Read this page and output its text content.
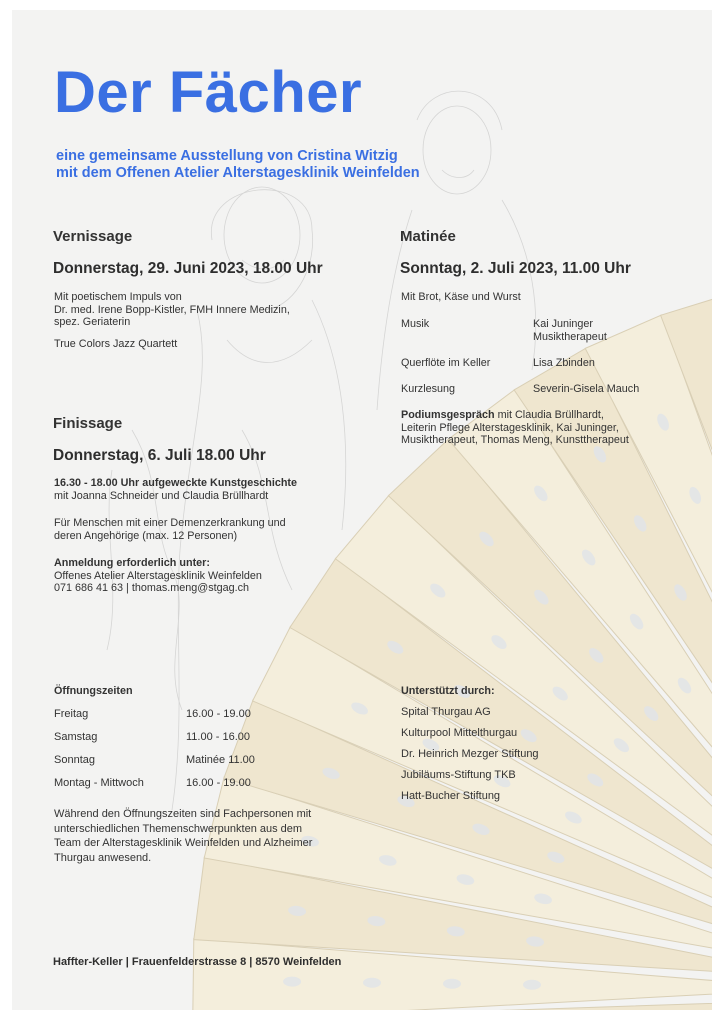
Der Fächer

eine gemeinsame Ausstellung von Cristina Witzig
mit dem Offenen Atelier Alterstagesklinik Weinfelden

Vernissage

Donnerstag, 29. Juni 2023, 18.00 Uhr

Mit poetischem Impuls von
Dr. med. Irene Bopp-Kistler, FMH Innere Medizin,
spez. Geriaterin

True Colors Jazz Quartett

Matinée

Sonntag, 2. Juli 2023, 11.00 Uhr

Mit Brot, Käse und Wurst

Musik	Kai Juninger
Musiktherapeut

Querflöte im Keller	Lisa Zbinden

Kurzlesung	Severin-Gisela Mauch

Podiumsgespräch mit Claudia Brüllhardt,
Leiterin Pflege Alterstagesklinik, Kai Juninger,
Musiktherapeut, Thomas Meng, Kunsttherapeut

Finissage

Donnerstag, 6. Juli 18.00 Uhr

16.30 - 18.00 Uhr aufgeweckte Kunstgeschichte
mit Joanna Schneider und Claudia Brüllhardt

Für Menschen mit einer Demenzerkrankung und
deren Angehörige (max. 12 Personen)

Anmeldung erforderlich unter:
Offenes Atelier Alterstagesklinik Weinfelden
071 686 41 63 | thomas.meng@stgag.ch

Öffnungszeiten

Freitag	16.00 - 19.00
Samstag	11.00 - 16.00
Sonntag	Matinée 11.00
Montag - Mittwoch	16.00 - 19.00

Während den Öffnungszeiten sind Fachpersonen mit
unterschiedlichen Themenschwerpunkten aus dem
Team der Alterstagesklinik Weinfelden und Alzheimer
Thurgau anwesend.

Unterstützt durch:

Spital Thurgau AG
Kulturpool Mittelthurgau
Dr. Heinrich Mezger Stiftung
Jubiläums-Stiftung TKB
Hatt-Bucher Stiftung
Haffter-Keller | Frauenfelderstrasse 8 | 8570 Weinfelden
